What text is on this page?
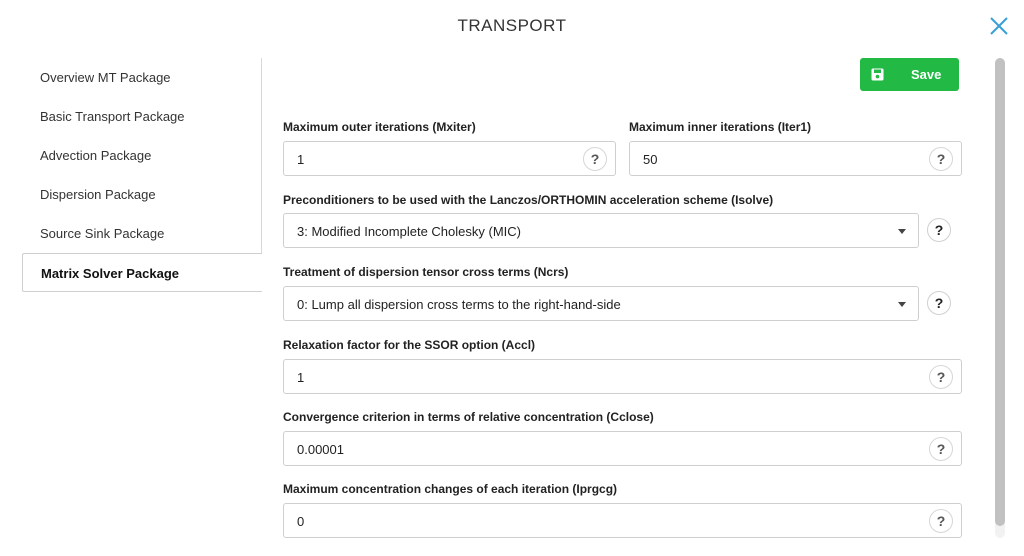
TRANSPORT
Overview MT Package
Basic Transport Package
Advection Package
Dispersion Package
Source Sink Package
Matrix Solver Package
Save
Maximum outer iterations (Mxiter)
1	?
Maximum inner iterations (Iter1)
50	?
Preconditioners to be used with the Lanczos/ORTHOMIN acceleration scheme (Isolve)
3: Modified Incomplete Cholesky (MIC)	?
Treatment of dispersion tensor cross terms (Ncrs)
0: Lump all dispersion cross terms to the right-hand-side	?
Relaxation factor for the SSOR option (Accl)
1	?
Convergence criterion in terms of relative concentration (Cclose)
0.00001	?
Maximum concentration changes of each iteration (Iprgcg)
0	?
